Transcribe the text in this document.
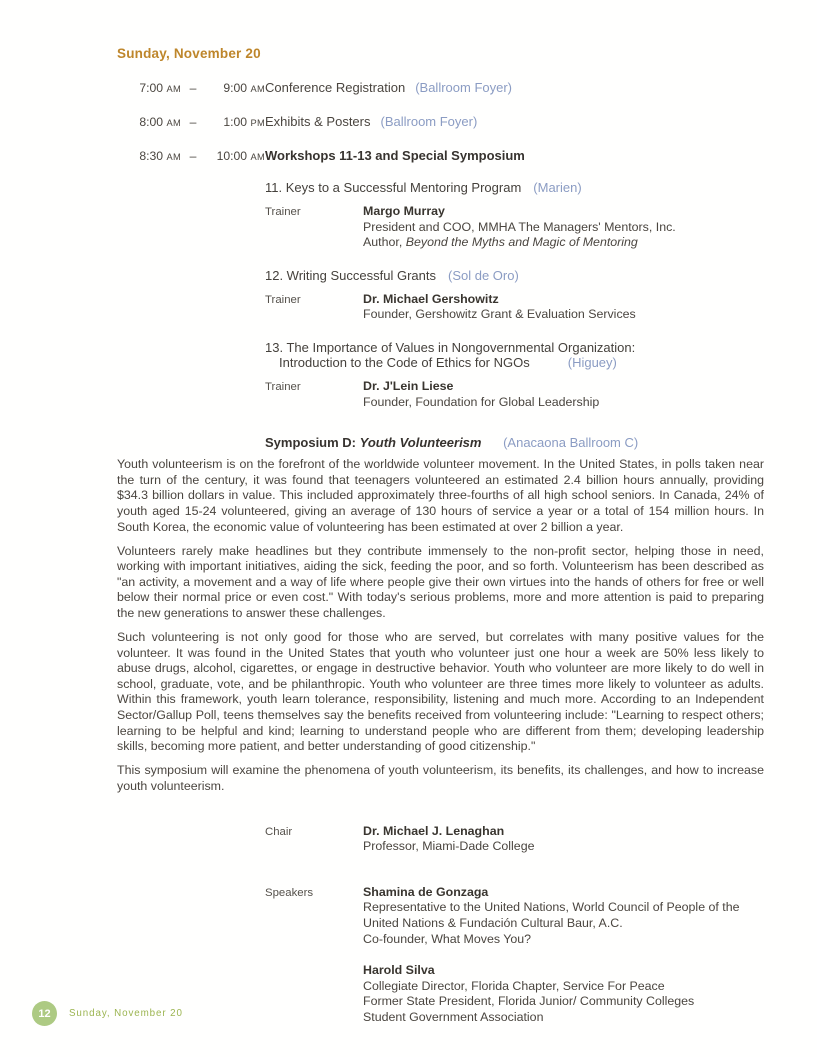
Sunday, November 20
7:00 AM –	9:00 AM Conference Registration (Ballroom Foyer)
8:00 AM –	1:00 PM Exhibits & Posters (Ballroom Foyer)
8:30 AM –	10:00 AM Workshops 11-13 and Special Symposium
11. Keys to a Successful Mentoring Program (Marien)
Trainer	Margo Murray
President and COO, MMHA The Managers' Mentors, Inc.
Author, Beyond the Myths and Magic of Mentoring
12. Writing Successful Grants (Sol de Oro)
Trainer	Dr. Michael Gershowitz
Founder, Gershowitz Grant & Evaluation Services
13. The Importance of Values in Nongovernmental Organization:
Introduction to the Code of Ethics for NGOs	(Higuey)
Trainer	Dr. J'Lein Liese
Founder, Foundation for Global Leadership
Symposium D: Youth Volunteerism (Anacaona Ballroom C)

Youth volunteerism is on the forefront of the worldwide volunteer movement. In the United States, in polls taken near the turn of the century, it was found that teenagers volunteered an estimated 2.4 billion hours annually, providing $34.3 billion dollars in value. This included approximately three-fourths of all high school seniors. In Canada, 24% of youth aged 15-24 volunteered, giving an average of 130 hours of service a year or a total of 154 million hours. In South Korea, the economic value of volunteering has been estimated at over 2 billion a year.

Volunteers rarely make headlines but they contribute immensely to the non-profit sector, helping those in need, working with important initiatives, aiding the sick, feeding the poor, and so forth. Volunteerism has been described as "an activity, a movement and a way of life where people give their own virtues into the hands of others for free or well below their normal price or even cost." With today's serious problems, more and more attention is paid to preparing the new generations to answer these challenges.

Such volunteering is not only good for those who are served, but correlates with many positive values for the volunteer. It was found in the United States that youth who volunteer just one hour a week are 50% less likely to abuse drugs, alcohol, cigarettes, or engage in destructive behavior. Youth who volunteer are more likely to do well in school, graduate, vote, and be philanthropic. Youth who volunteer are three times more likely to volunteer as adults. Within this framework, youth learn tolerance, responsibility, listening and much more. According to an Independent Sector/Gallup Poll, teens themselves say the benefits received from volunteering include: "Learning to respect others; learning to be helpful and kind; learning to understand people who are different from them; developing leadership skills, becoming more patient, and better understanding of good citizenship."

This symposium will examine the phenomena of youth volunteerism, its benefits, its challenges, and how to increase youth volunteerism.

Chair	Dr. Michael J. Lenaghan
Professor, Miami-Dade College
Speakers	Shamina de Gonzaga
Representative to the United Nations, World Council of People of the
United Nations & Fundación Cultural Baur, A.C.
Co-founder, What Moves You?
Harold Silva
Collegiate Director, Florida Chapter, Service For Peace
Former State President, Florida Junior/ Community Colleges
Student Government Association
12	Sunday, November 20
